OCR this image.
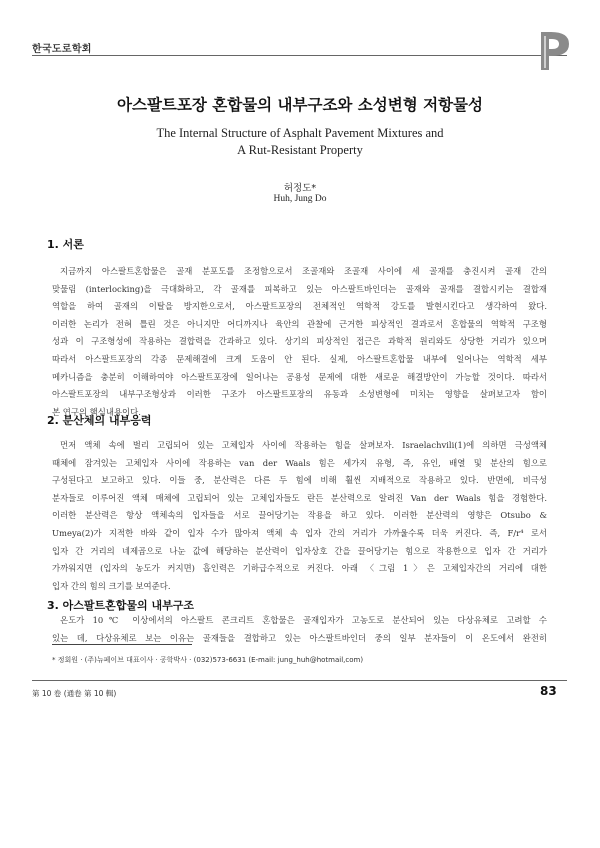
한국도로학회
아스팔트포장 혼합물의 내부구조와 소성변형 저항물성
The Internal Structure of Asphalt Pavement Mixtures and
A Rut-Resistant Property
허정도*
Huh, Jung Do
1. 서론
지금까지 아스팔트혼합물은 골재 분포도를 조정함으로서 조골재와 조골재 사이에 세 골재를 충진시켜 골재 간의
맞물림 (interlocking)을 극대화하고, 각 골재를 피복하고 있는 아스팔트바인더는 골재와 골재를 결합시키는 결합재
역할을 하여 골재의 이탈을 방지한으로서, 아스팔트포장의 전체적인 역학적 강도를 발현시킨다고 생각하여 왔다.
이러한 논리가 전혀 틀린 것은 아니지만 어디까지나 육안의 관찰에 근거한 피상적인 결과로서 혼합물의 역학적 구조형
성과 이 구조형성에 작용하는 결합력을 간과하고 있다. 상기의 피상적인 접근은 과학적 원리와도 상당한 거리가 있으며
따라서 아스팔트포장의 각종 문제해결에 크게 도움이 안 된다. 실제, 아스팔트혼합물 내부에 일어나는 역학적 세부
메카니즘을 충분히 이해하여야 아스팔트포장에 일어나는 공용성 문제에 대한 새로운 해결방안이 가능할 것이다. 따라서
아스팔트포장의 내부구조형상과 이러한 구조가 아스팔트포장의 유동과 소성변형에 미치는 영향을 살펴보고자 함이
본 연구의 핵심내용이다.
2. 분산체의 내부응력
먼저 액체 속에 벌리 고립되어 있는 고체입자 사이에 작용하는 힘을 살펴보자. Israelachvili(1)에 의하면 극성액체
때체에 잠겨있는 고체입자 사이에 작용하는 van der Waals 힘은 세가지 유형, 즉, 유인, 배열 및 분산의 힘으로
구성된다고 보고하고 있다. 이들 중, 분산력은 다른 두 힘에 비해 훨씬 지배적으로 작용하고 있다. 반면에, 비극성
분자들로 이루어진 액체 매체에 고립되어 있는 고체입자들도 란든 분산력으로 알려진 Van der Waals 힘을 경험한다.
이러한 분산력은 항상 액체속의 입자들을 서로 끌어당기는 작용을 하고 있다. 이러한 분산력의 영향은 Otsubo &
Umeya(2)가 지적한 바와 같이 입자 수가 많아져 액체 속 입자 간의 거리가 가까울수록 더욱 커진다. 즉, F/r⁴ 로서
입자 간 거리의 네제곱으로 나눈 값에 해당하는 분산력이 입자상호 간을 끌어당기는 힘으로 작용한으로 입자 간 거리가
가까워지면 (입자의 농도가 커지면) 흡인력은 기하급수적으로 커진다. 아래 〈그림 1〉은 고체입자간의 거리에 대한
입자 간의 힘의 크기를 보여준다.
3. 아스팔트혼합물의 내부구조
온도가 10℃ 이상에서의 아스팔트 콘크리트 혼합물은 골재입자가 고농도로 분산되어 있는 다상유체로 고려할 수
있는 데, 다상유체로 보는 이유는 골재들을 결합하고 있는 아스팔트바인더 중의 일부 분자들이 이 온도에서 완전히
* 정회원 · (주)뉴페이브 대표이사 · 공학박사 · (032)573-6631 (E-mail: jung_huh@hotmail,com)
第 10 卷 (通卷 第 10 輯)	83
